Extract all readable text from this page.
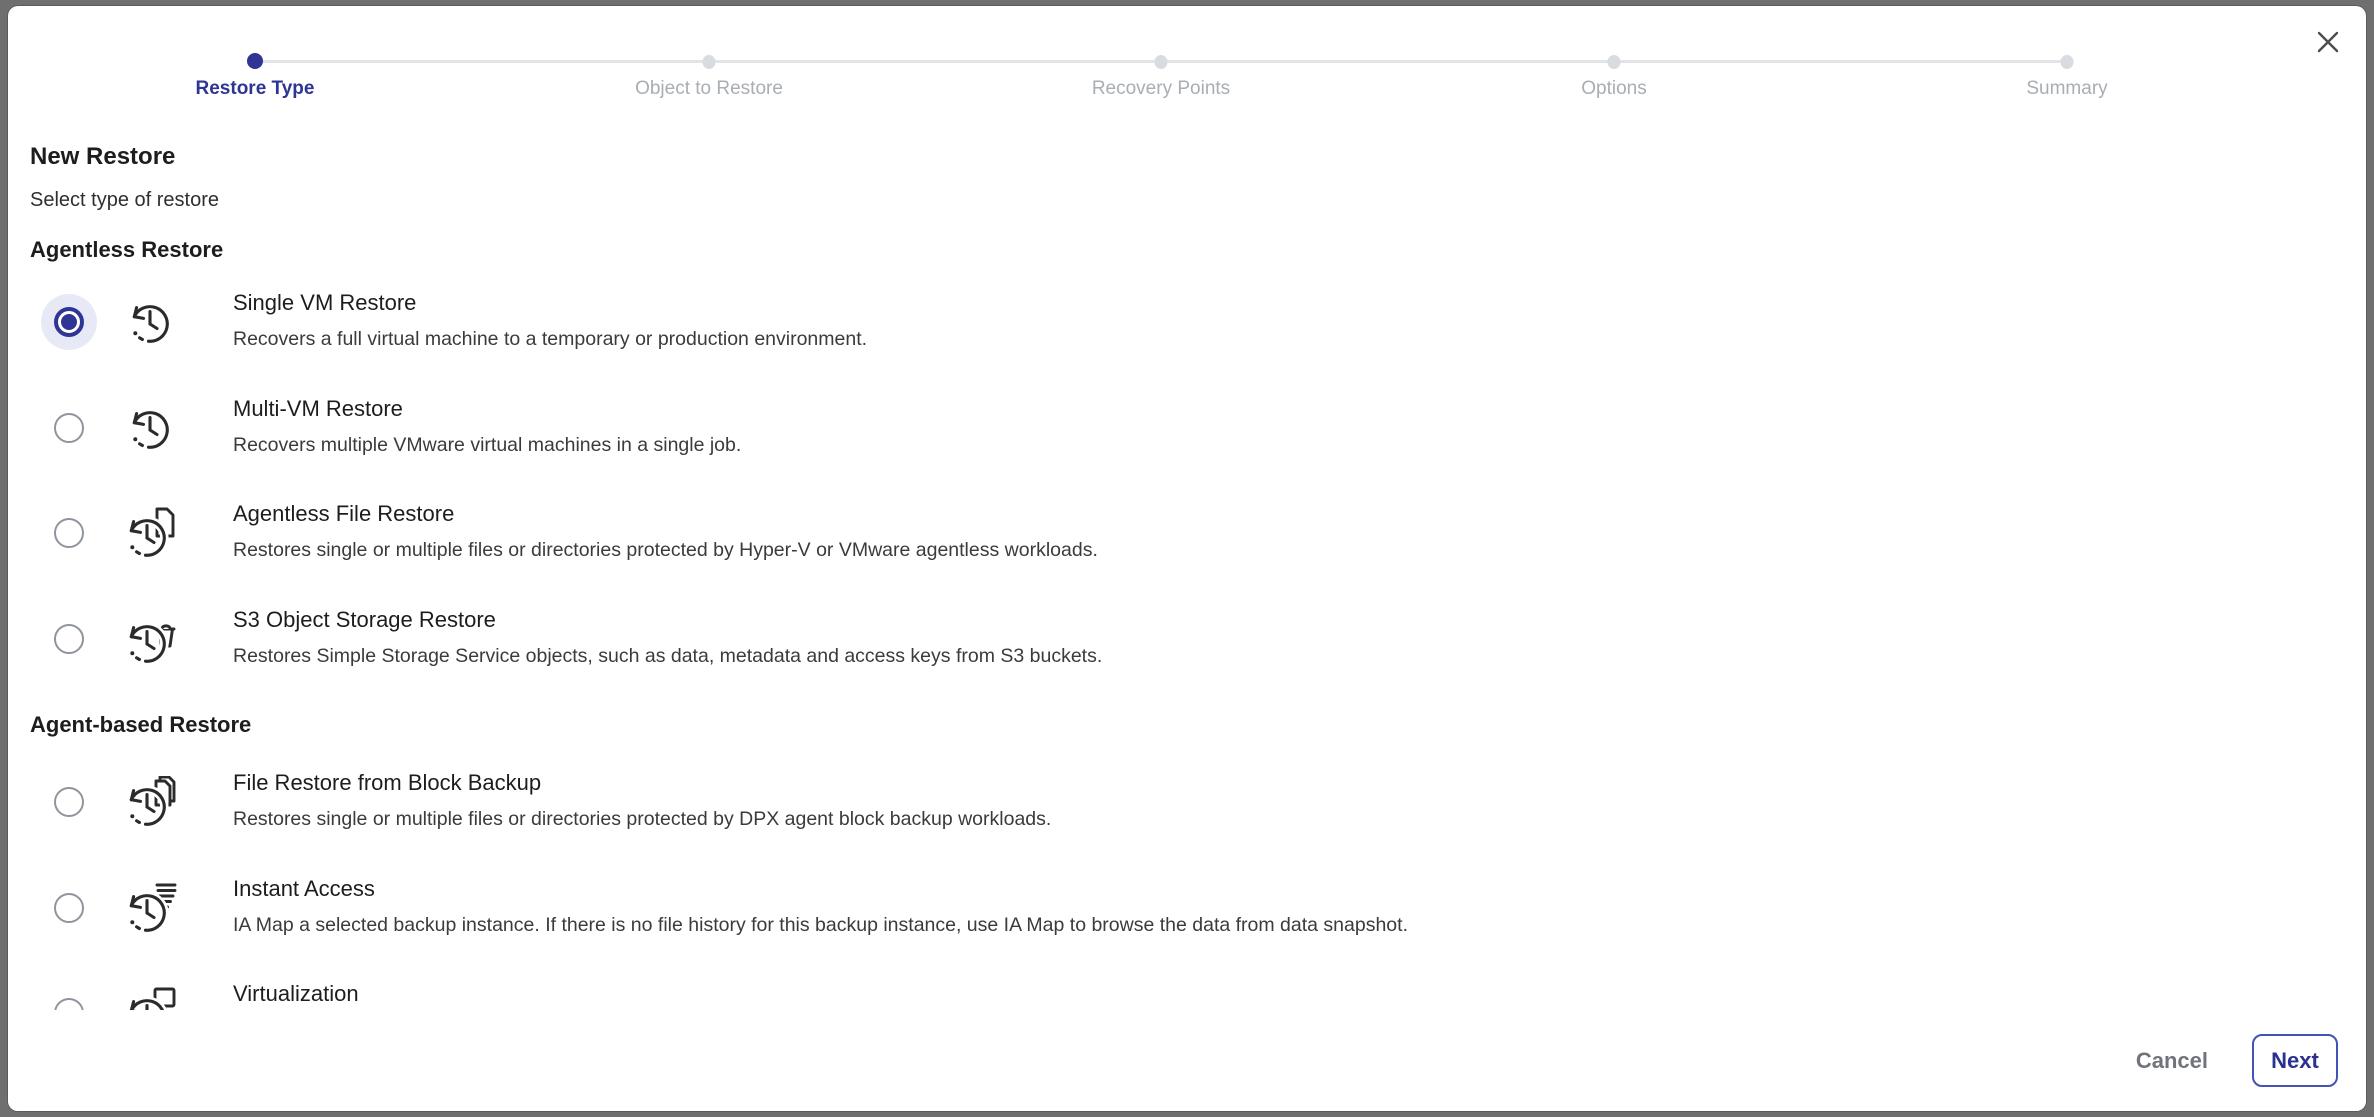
Restore Type	Object to Restore	Recovery Points	Options	Summary
New Restore
Select type of restore
Agentless Restore
Agent-based Restore
Single VM Restore
Recovers a full virtual machine to a temporary or production environment.
Multi-VM Restore
Recovers multiple VMware virtual machines in a single job.
Agentless File Restore
Restores single or multiple files or directories protected by Hyper-V or VMware agentless workloads.
S3 Object Storage Restore
Restores Simple Storage Service objects, such as data, metadata and access keys from S3 buckets.
File Restore from Block Backup
Restores single or multiple files or directories protected by DPX agent block backup workloads.
Instant Access
IA Map a selected backup instance. If there is no file history for this backup instance, use IA Map to browse the data from data snapshot.
Virtualization
Cancel	Next
